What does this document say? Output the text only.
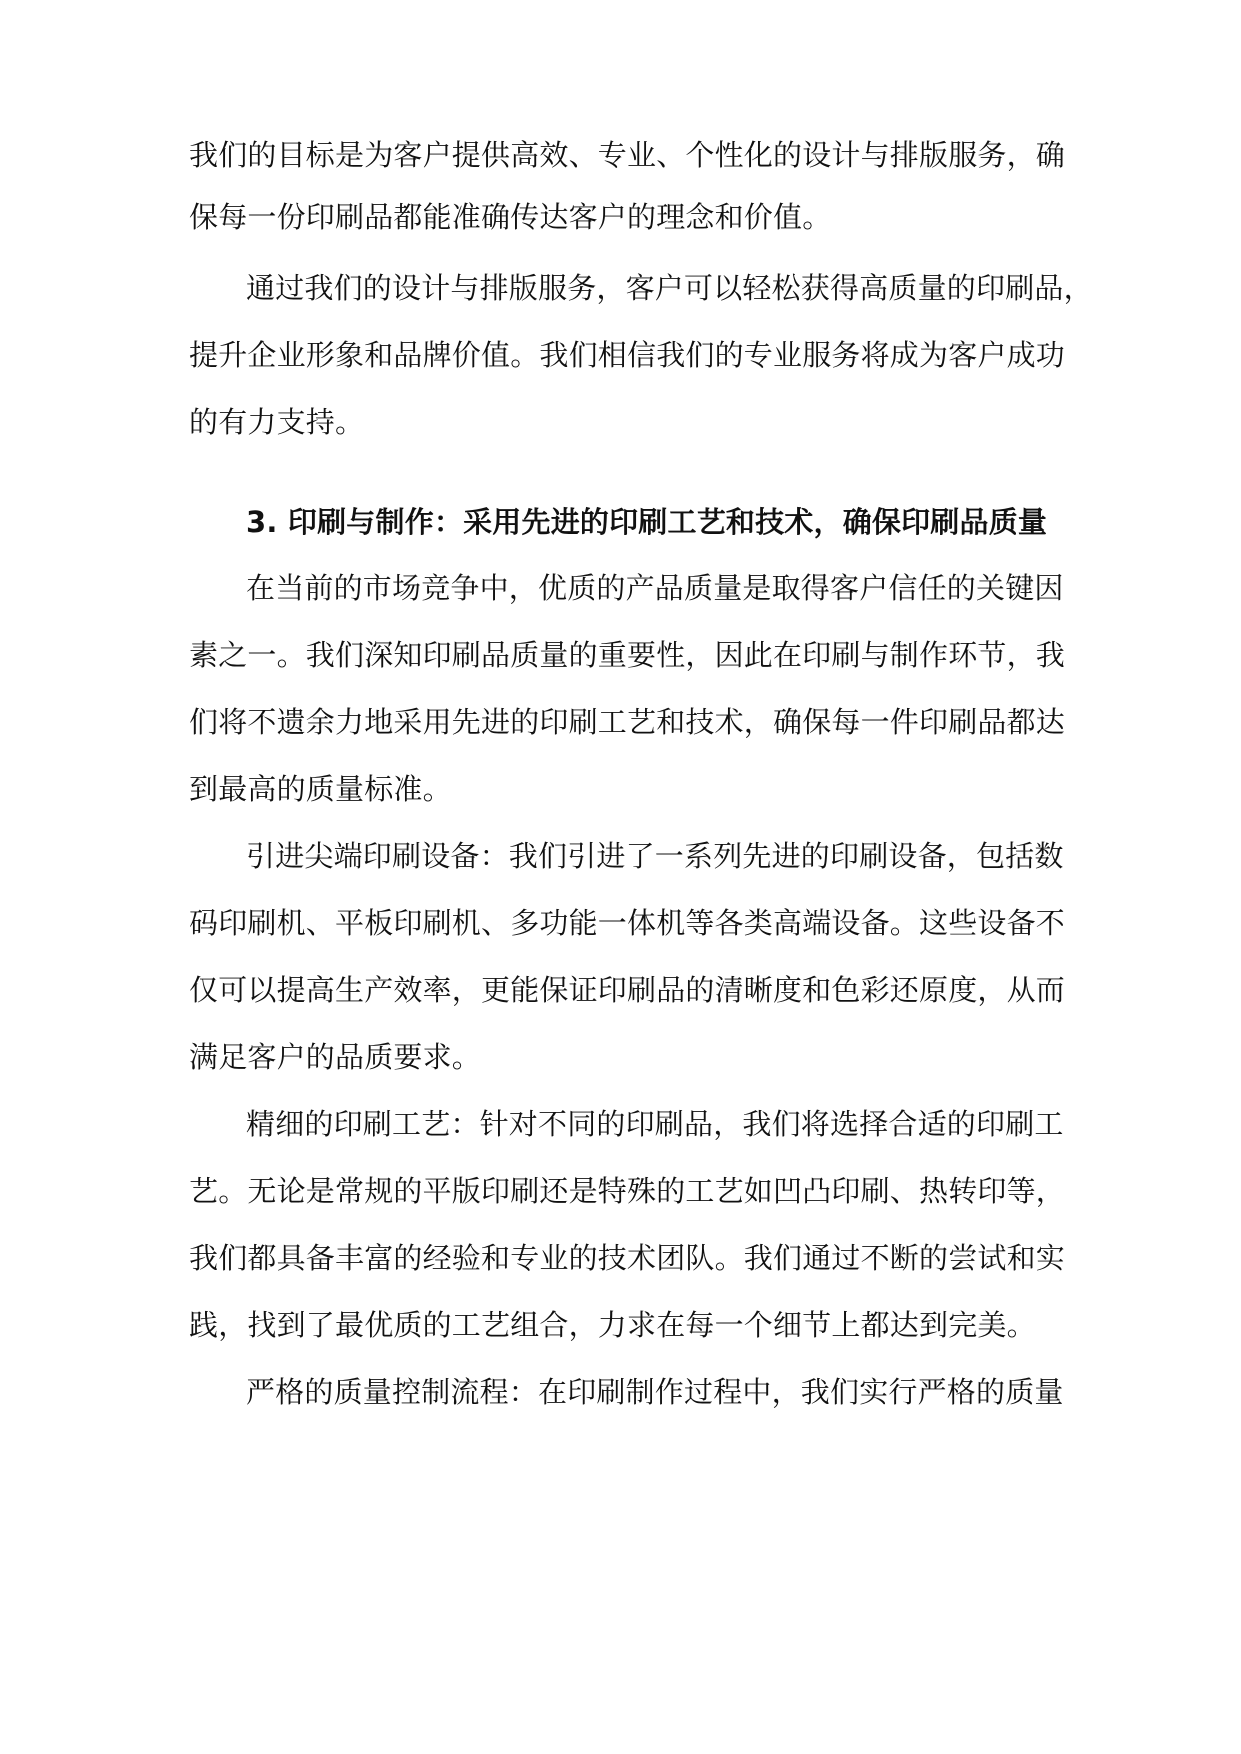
我们的目标是为客户提供高效、专业、个性化的设计与排版服务，确
保每一份印刷品都能准确传达客户的理念和价值。
通过我们的设计与排版服务，客户可以轻松获得高质量的印刷品，
提升企业形象和品牌价值。我们相信我们的专业服务将成为客户成功
的有力支持。
3. 印刷与制作：采用先进的印刷工艺和技术，确保印刷品质量
在当前的市场竞争中，优质的产品质量是取得客户信任的关键因
素之一。我们深知印刷品质量的重要性，因此在印刷与制作环节，我
们将不遗余力地采用先进的印刷工艺和技术，确保每一件印刷品都达
到最高的质量标准。
引进尖端印刷设备：我们引进了一系列先进的印刷设备，包括数
码印刷机、平板印刷机、多功能一体机等各类高端设备。这些设备不
仅可以提高生产效率，更能保证印刷品的清晰度和色彩还原度，从而
满足客户的品质要求。
精细的印刷工艺：针对不同的印刷品，我们将选择合适的印刷工
艺。无论是常规的平版印刷还是特殊的工艺如凹凸印刷、热转印等，
我们都具备丰富的经验和专业的技术团队。我们通过不断的尝试和实
践，找到了最优质的工艺组合，力求在每一个细节上都达到完美。
严格的质量控制流程：在印刷制作过程中，我们实行严格的质量
